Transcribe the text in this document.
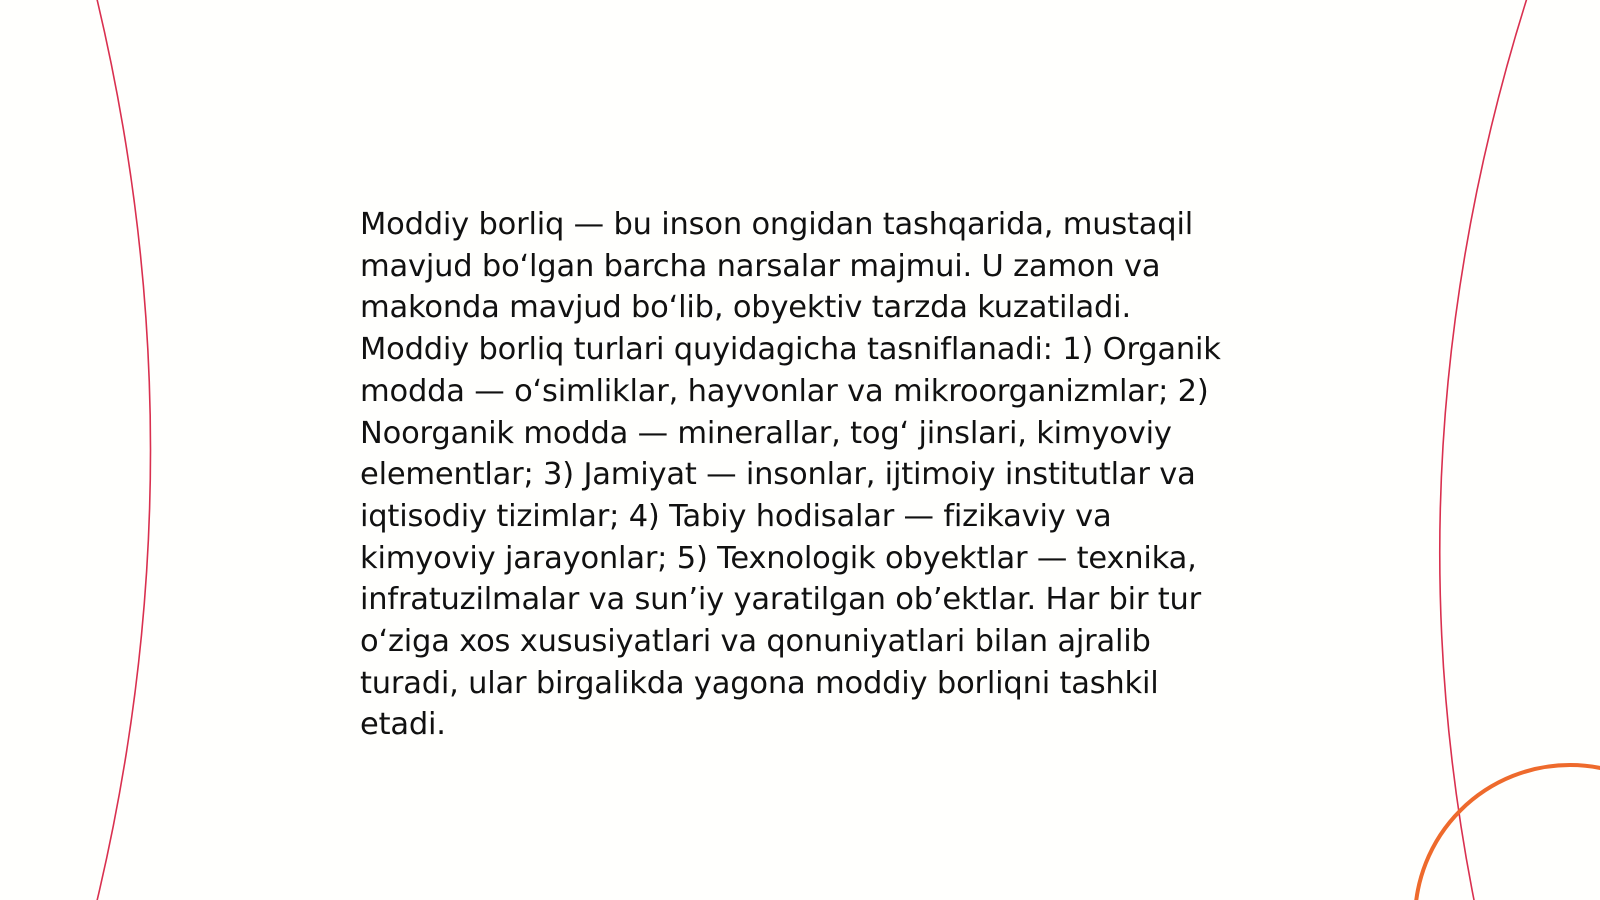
Moddiy borliq — bu inson ongidan tashqarida, mustaqil mavjud bo‘lgan barcha narsalar majmui. U zamon va makonda mavjud bo‘lib, obyektiv tarzda kuzatiladi. Moddiy borliq turlari quyidagicha tasniflanadi: 1) Organik modda — o‘simliklar, hayvonlar va mikroorganizmlar; 2) Noorganik modda — minerallar, tog‘ jinslari, kimyoviy elementlar; 3) Jamiyat — insonlar, ijtimoiy institutlar va iqtisodiy tizimlar; 4) Tabiy hodisalar — fizikaviy va kimyoviy jarayonlar; 5) Texnologik obyektlar — texnika, infratuzilmalar va sun’iy yaratilgan ob’ektlar. Har bir tur o‘ziga xos xususiyatlari va qonuniyatlari bilan ajralib turadi, ular birgalikda yagona moddiy borliqni tashkil etadi.
